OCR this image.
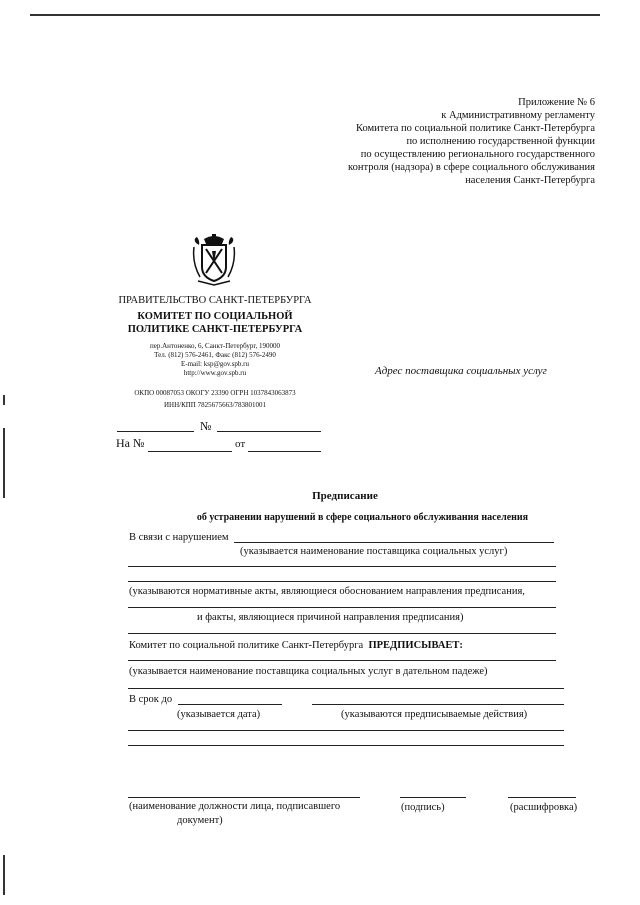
Приложение № 6
к Административному регламенту
Комитета по социальной политике Санкт-Петербурга
по исполнению государственной функции
по осуществлению регионального государственного
контроля (надзора) в сфере социального обслуживания
населения Санкт-Петербурга
ПРАВИТЕЛЬСТВО САНКТ-ПЕТЕРБУРГА
КОМИТЕТ ПО СОЦИАЛЬНОЙ
ПОЛИТИКЕ САНКТ-ПЕТЕРБУРГА
пер.Антоненко, 6, Санкт-Петербург, 190000
Тел. (812) 576-2461, Факс (812) 576-2490
E-mail: ksp@gov.spb.ru
http://www.gov.spb.ru
ОКПО 00087053 ОКОГУ 23390 ОГРН 1037843063873
ИНН/КПП 7825675663/783801001
№
На №	от
Адрес поставщика социальных услуг
Предписание
об устранении нарушений в сфере социального обслуживания населения
В связи с нарушением
(указывается наименование поставщика социальных услуг)
(указываются нормативные акты, являющиеся обоснованием направления предписания,
и факты, являющиеся причиной направления предписания)
Комитет по социальной политике Санкт-Петербурга ПРЕДПИСЫВАЕТ:
(указывается наименование поставщика социальных услуг в дательном падеже)
В срок до
(указывается дата)	(указываются предписываемые действия)
(наименование должности лица, подписавшего
документ)
(подпись)	(расшифровка)
